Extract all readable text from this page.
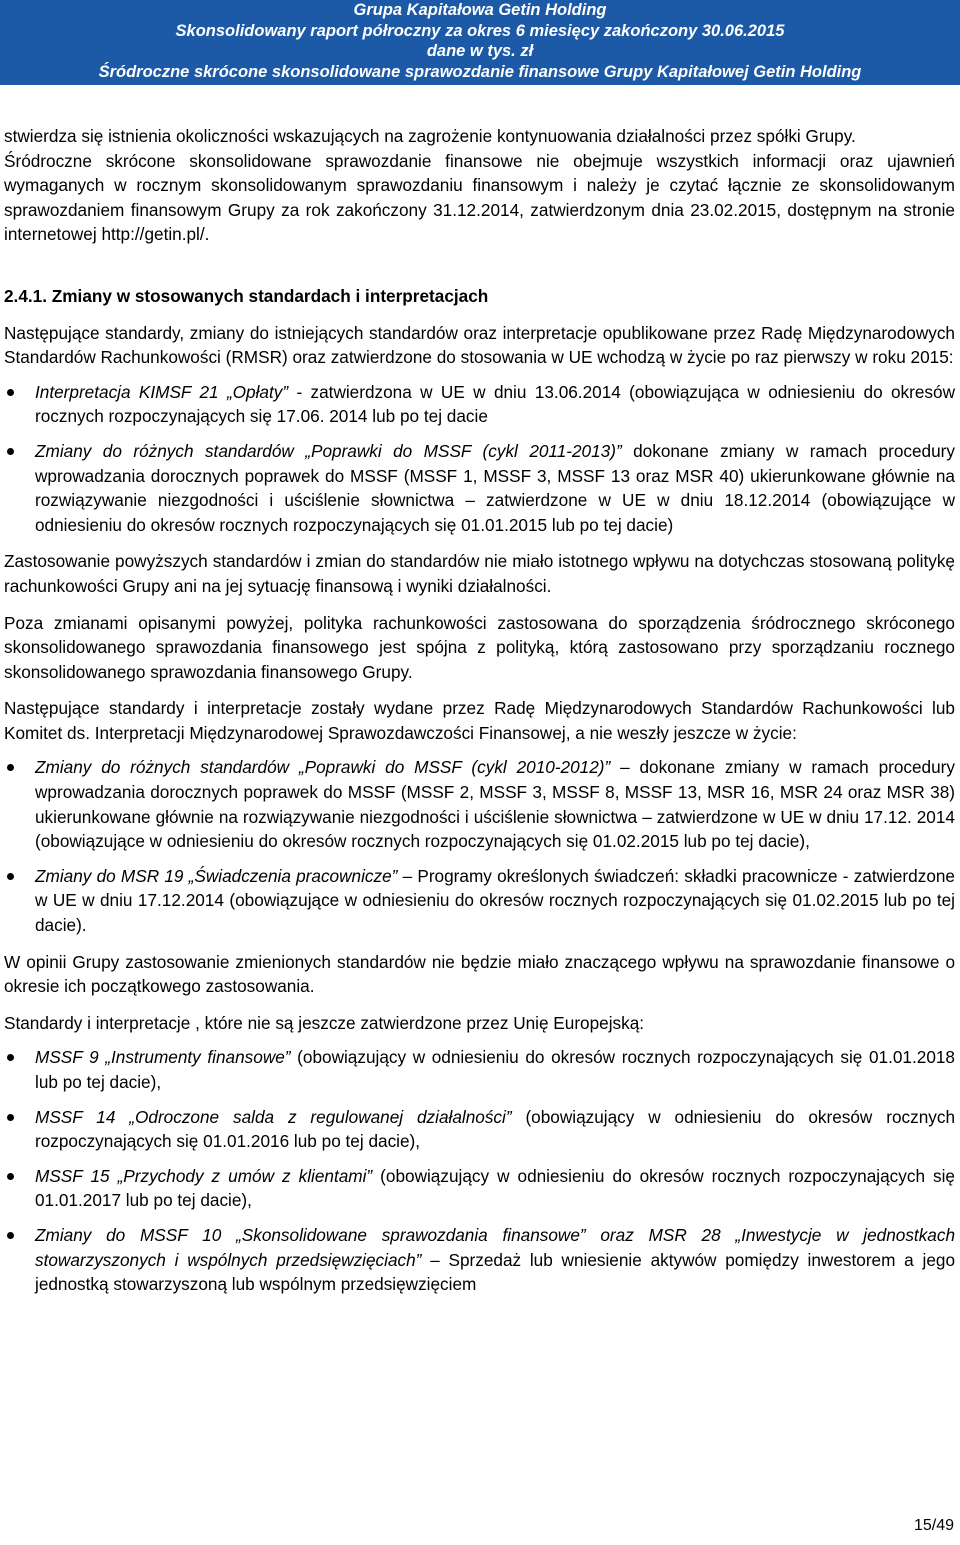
Grupa Kapitałowa Getin Holding
Skonsolidowany raport półroczny za okres 6 miesięcy zakończony 30.06.2015
dane w tys. zł
Śródroczne skrócone skonsolidowane sprawozdanie finansowe Grupy Kapitałowej Getin Holding

stwierdza się istnienia okoliczności wskazujących na zagrożenie kontynuowania działalności przez spółki Grupy.

Śródroczne skrócone skonsolidowane sprawozdanie finansowe nie obejmuje wszystkich informacji oraz ujawnień wymaganych w rocznym skonsolidowanym sprawozdaniu finansowym i należy je czytać łącznie ze skonsolidowanym sprawozdaniem finansowym Grupy za rok zakończony 31.12.2014, zatwierdzonym dnia 23.02.2015, dostępnym na stronie internetowej http://getin.pl/.

2.4.1. Zmiany w stosowanych standardach i interpretacjach

Następujące standardy, zmiany do istniejących standardów oraz interpretacje opublikowane przez Radę Międzynarodowych Standardów Rachunkowości (RMSR) oraz zatwierdzone do stosowania w UE wchodzą w życie po raz pierwszy w roku 2015:

Interpretacja KIMSF 21 „Opłaty” - zatwierdzona w UE w dniu 13.06.2014 (obowiązująca w odniesieniu do okresów rocznych rozpoczynających się 17.06. 2014 lub po tej dacie
Zmiany do różnych standardów „Poprawki do MSSF (cykl 2011-2013)” dokonane zmiany w ramach procedury wprowadzania dorocznych poprawek do MSSF (MSSF 1, MSSF 3, MSSF 13 oraz MSR 40) ukierunkowane głównie na rozwiązywanie niezgodności i uściślenie słownictwa – zatwierdzone w UE w dniu 18.12.2014 (obowiązujące w odniesieniu do okresów rocznych rozpoczynających się 01.01.2015 lub po tej dacie)

Zastosowanie powyższych standardów i zmian do standardów nie miało istotnego wpływu na dotychczas stosowaną politykę rachunkowości Grupy ani na jej sytuację finansową i wyniki działalności.

Poza zmianami opisanymi powyżej, polityka rachunkowości zastosowana do sporządzenia śródrocznego skróconego skonsolidowanego sprawozdania finansowego jest spójna z polityką, którą zastosowano przy sporządzaniu rocznego skonsolidowanego sprawozdania finansowego Grupy.

Następujące standardy i interpretacje zostały wydane przez Radę Międzynarodowych Standardów Rachunkowości lub Komitet ds. Interpretacji Międzynarodowej Sprawozdawczości Finansowej, a nie weszły jeszcze w życie:

Zmiany do różnych standardów „Poprawki do MSSF (cykl 2010-2012)” – dokonane zmiany w ramach procedury wprowadzania dorocznych poprawek do MSSF (MSSF 2, MSSF 3, MSSF 8, MSSF 13, MSR 16, MSR 24 oraz MSR 38) ukierunkowane głównie na rozwiązywanie niezgodności i uściślenie słownictwa – zatwierdzone w UE w dniu 17.12. 2014 (obowiązujące w odniesieniu do okresów rocznych rozpoczynających się 01.02.2015 lub po tej dacie),
Zmiany do MSR 19 „Świadczenia pracownicze” – Programy określonych świadczeń: składki pracownicze - zatwierdzone w UE w dniu 17.12.2014 (obowiązujące w odniesieniu do okresów rocznych rozpoczynających się 01.02.2015 lub po tej dacie).

W opinii Grupy zastosowanie zmienionych standardów nie będzie miało znaczącego wpływu na sprawozdanie finansowe o okresie ich początkowego zastosowania.

Standardy i interpretacje , które nie są jeszcze zatwierdzone przez Unię Europejską:

MSSF 9 „Instrumenty finansowe” (obowiązujący w odniesieniu do okresów rocznych rozpoczynających się 01.01.2018 lub po tej dacie),
MSSF 14 „Odroczone salda z regulowanej działalności” (obowiązujący w odniesieniu do okresów rocznych rozpoczynających się 01.01.2016 lub po tej dacie),
MSSF 15 „Przychody z umów z klientami” (obowiązujący w odniesieniu do okresów rocznych rozpoczynających się 01.01.2017 lub po tej dacie),
Zmiany do MSSF 10 „Skonsolidowane sprawozdania finansowe” oraz MSR 28 „Inwestycje w jednostkach stowarzyszonych i wspólnych przedsięwzięciach” – Sprzedaż lub wniesienie aktywów pomiędzy inwestorem a jego jednostką stowarzyszoną lub wspólnym przedsięwzięciem
15/49
